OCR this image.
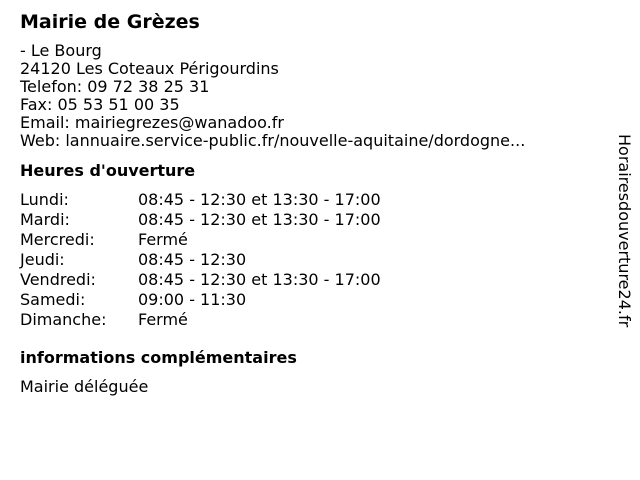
Mairie de Grèzes
- Le Bourg
24120 Les Coteaux Périgourdins
Telefon: 09 72 38 25 31
Fax: 05 53 51 00 35
Email: mairiegrezes@wanadoo.fr
Web: lannuaire.service-public.fr/nouvelle-aquitaine/dordogne...
Heures d'ouverture
Lundi:	08:45 - 12:30 et 13:30 - 17:00
Mardi:	08:45 - 12:30 et 13:30 - 17:00
Mercredi:	Fermé
Jeudi:	08:45 - 12:30
Vendredi:	08:45 - 12:30 et 13:30 - 17:00
Samedi:	09:00 - 11:30
Dimanche:	Fermé
informations complémentaires
Mairie déléguée
Horairesdouverture24.fr
